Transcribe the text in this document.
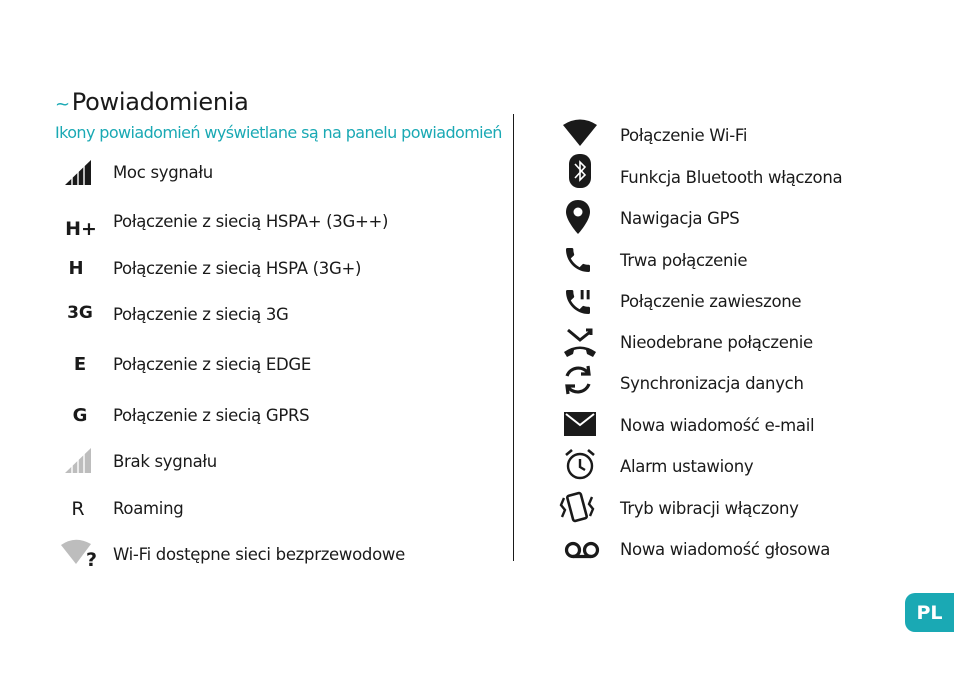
~Powiadomienia
Ikony powiadomień wyświetlane są na panelu powiadomień
Moc sygnału
H+ Połączenie z siecią HSPA+ (3G++)
H	Połączenie z siecią HSPA (3G+)
3G	Połączenie z siecią 3G
E	Połączenie z siecią EDGE
G	Połączenie z siecią GPRS
Brak sygnału
R	Roaming
? Wi-Fi dostępne sieci bezprzewodowe
Połączenie Wi-Fi
Funkcja Bluetooth włączona
Nawigacja GPS
Trwa połączenie
Połączenie zawieszone
Nieodebrane połączenie
Synchronizacja danych
Nowa wiadomość e-mail
Alarm ustawiony
Tryb wibracji włączony
Nowa wiadomość głosowa
PL
